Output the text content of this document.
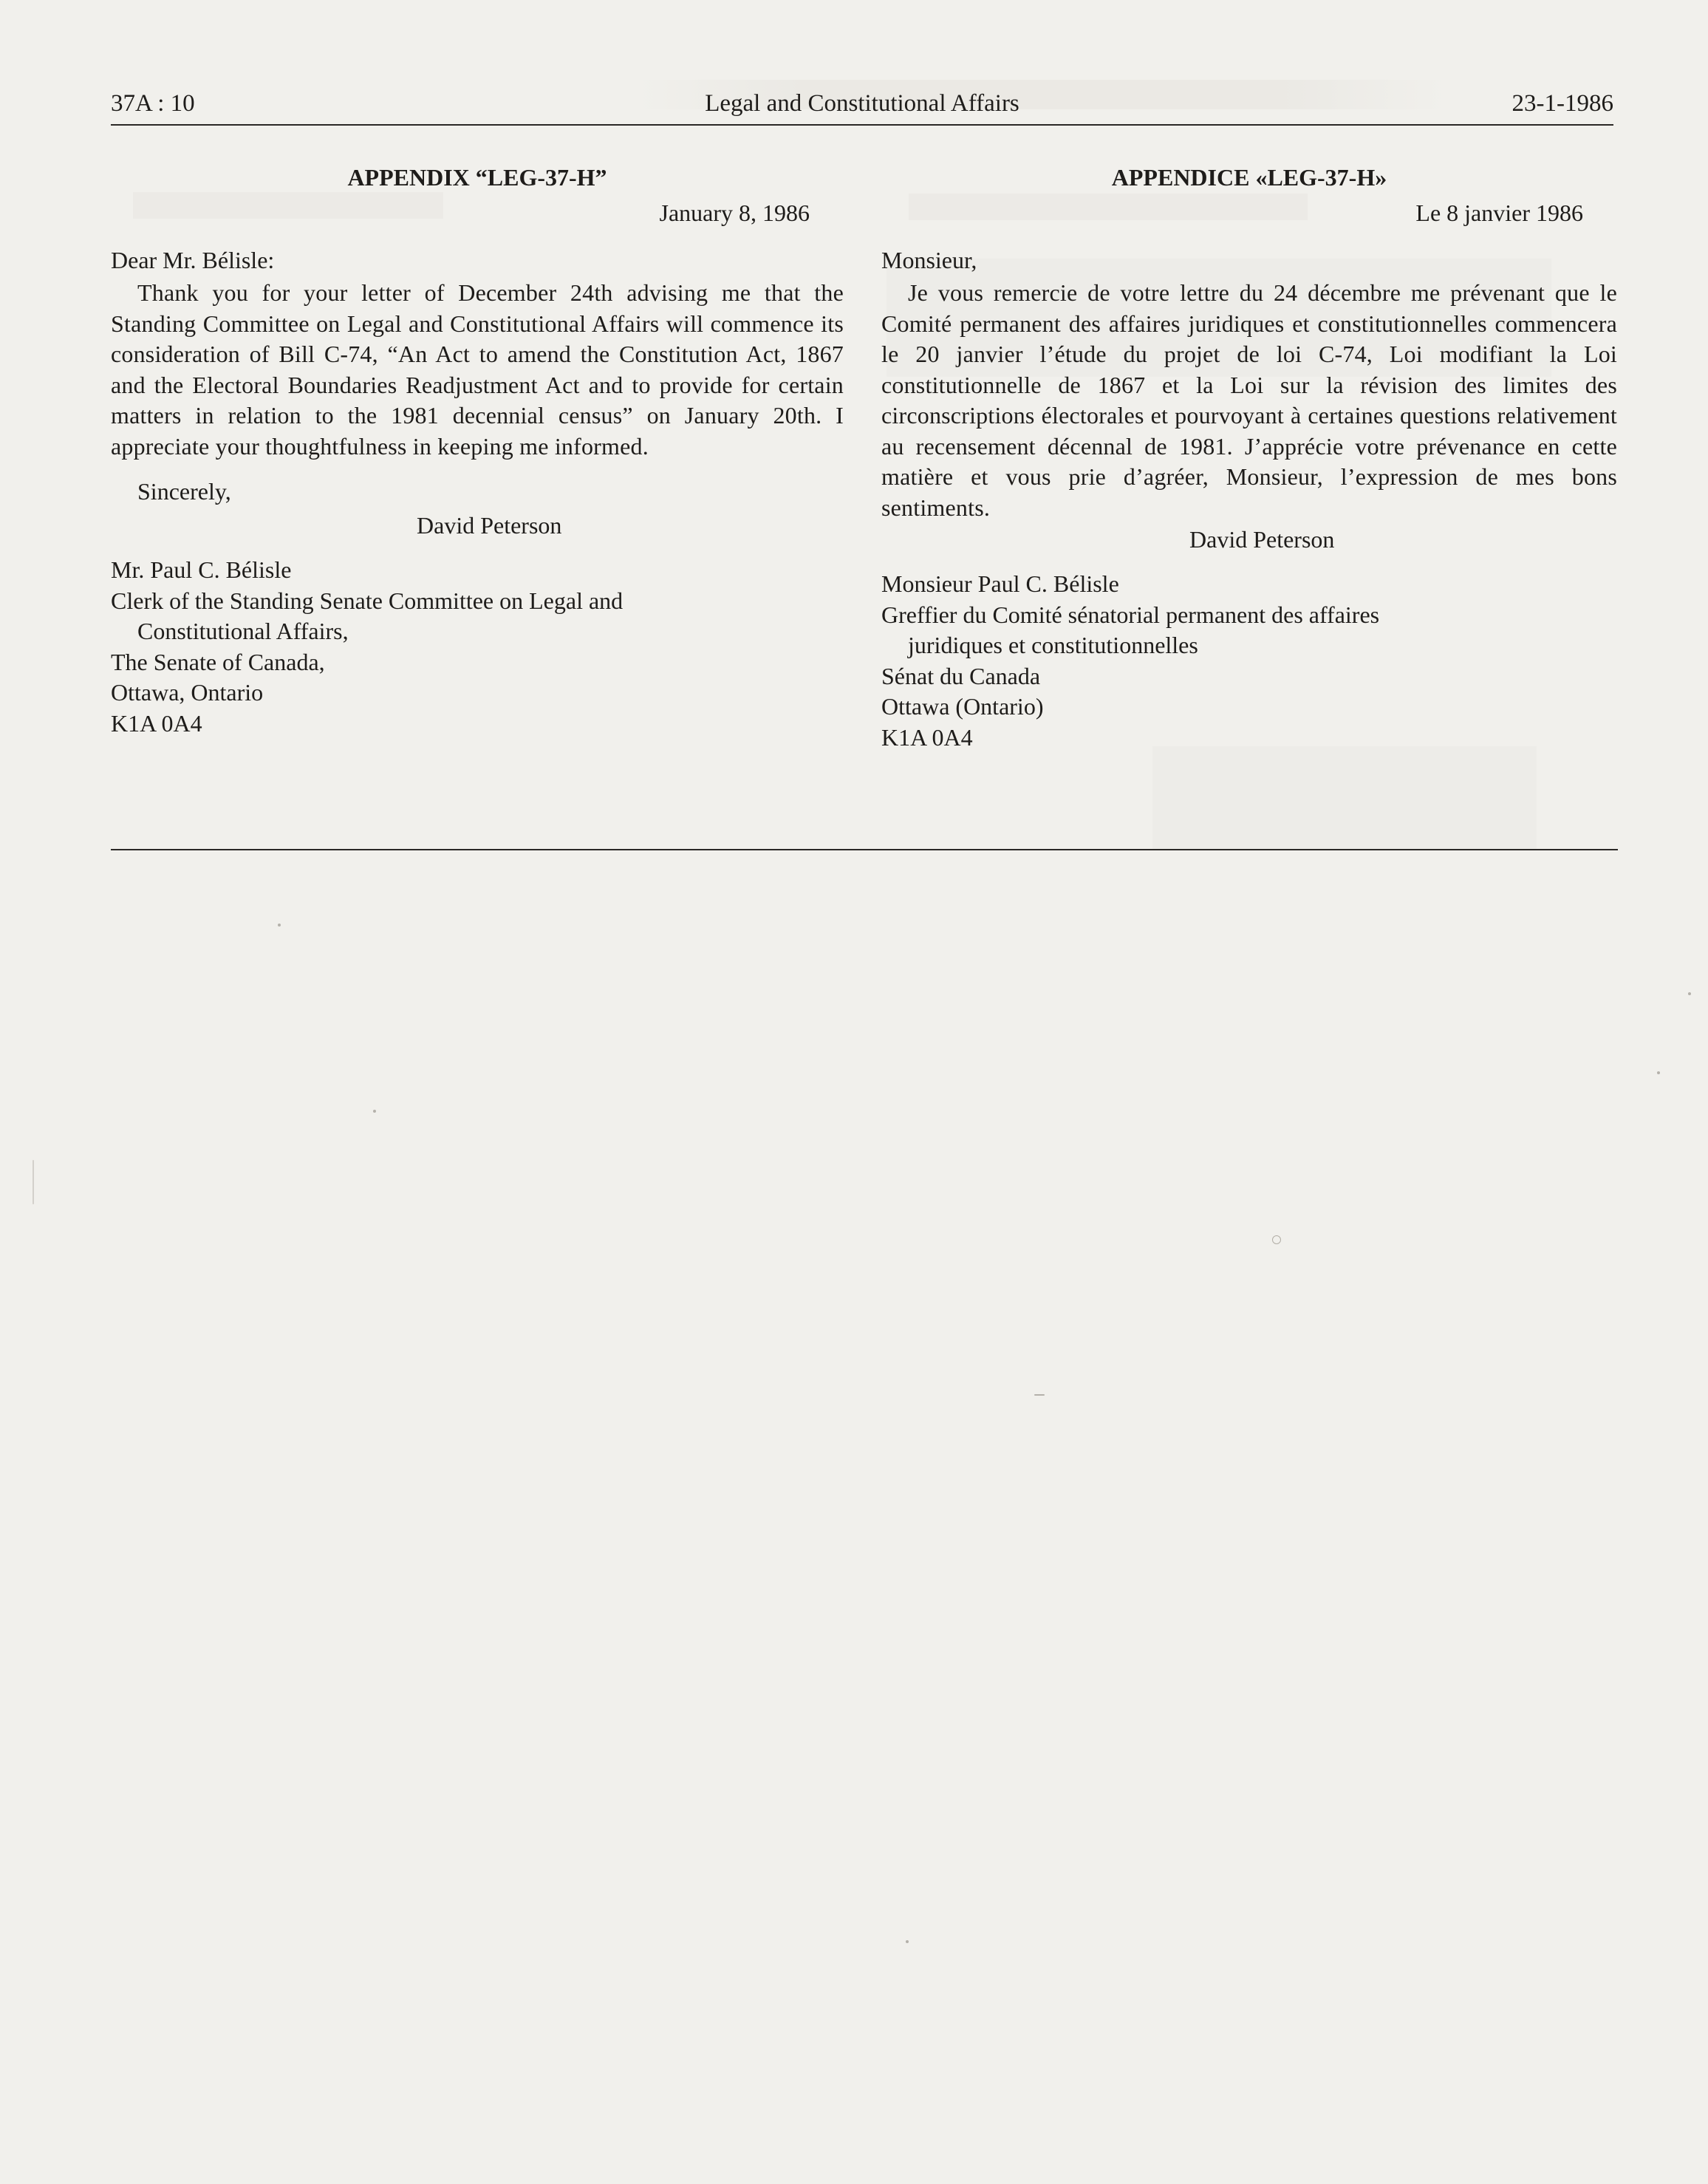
37A : 10	Legal and Constitutional Affairs	23-1-1986

APPENDIX “LEG-37-H”

January 8, 1986

Dear Mr. Bélisle:

Thank you for your letter of December 24th advising me that the Standing Committee on Legal and Constitutional Affairs will commence its consideration of Bill C-74, “An Act to amend the Constitution Act, 1867 and the Electoral Boundaries Readjustment Act and to provide for certain matters in relation to the 1981 decennial census” on January 20th. I appreciate your thoughtfulness in keeping me informed.

Sincerely,

David Peterson

Mr. Paul C. Bélisle
Clerk of the Standing Senate Committee on Legal and
Constitutional Affairs,
The Senate of Canada,
Ottawa, Ontario
K1A 0A4

APPENDICE «LEG-37-H»

Le 8 janvier 1986

Monsieur,

Je vous remercie de votre lettre du 24 décembre me prévenant que le Comité permanent des affaires juridiques et constitutionnelles commencera le 20 janvier l’étude du projet de loi C-74, Loi modifiant la Loi constitutionnelle de 1867 et la Loi sur la révision des limites des circonscriptions électorales et pourvoyant à certaines questions relativement au recensement décennal de 1981. J’apprécie votre prévenance en cette matière et vous prie d’agréer, Monsieur, l’expression de mes bons sentiments.

David Peterson

Monsieur Paul C. Bélisle
Greffier du Comité sénatorial permanent des affaires
juridiques et constitutionnelles
Sénat du Canada
Ottawa (Ontario)
K1A 0A4
